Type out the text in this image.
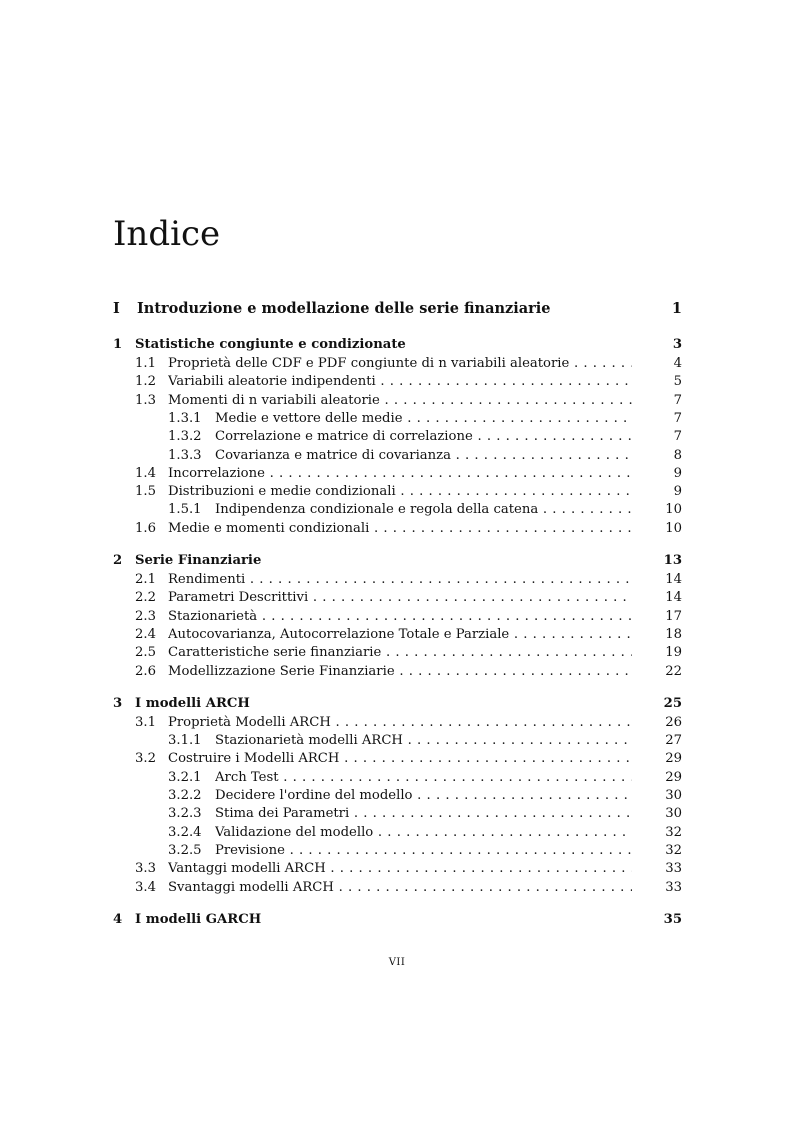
Indice
I Introduzione e modellazione delle serie finanziarie	1
1 Statistiche congiunte e condizionate	3
1.1 Proprietà delle CDF e PDF congiunte di n variabili aleatorie . . .	4
1.2 Variabili aleatorie indipendenti . . .	5
1.3 Momenti di n variabili aleatorie . . .	7
1.3.1 Medie e vettore delle medie . . .	7
1.3.2 Correlazione e matrice di correlazione . . .	7
1.3.3 Covarianza e matrice di covarianza . . .	8
1.4 Incorrelazione . . .	9
1.5 Distribuzioni e medie condizionali . . .	9
1.5.1 Indipendenza condizionale e regola della catena . . .	10
1.6 Medie e momenti condizionali . . .	10
2 Serie Finanziarie	13
2.1 Rendimenti . . .	14
2.2 Parametri Descrittivi . . .	14
2.3 Stazionarietà . . .	17
2.4 Autocovarianza, Autocorrelazione Totale e Parziale . . .	18
2.5 Caratteristiche serie finanziarie . . .	19
2.6 Modellizzazione Serie Finanziarie . . .	22
3 I modelli ARCH	25
3.1 Proprietà Modelli ARCH . . .	26
3.1.1 Stazionarietà modelli ARCH . . .	27
3.2 Costruire i Modelli ARCH . . .	29
3.2.1 Arch Test . . .	29
3.2.2 Decidere l'ordine del modello . . .	30
3.2.3 Stima dei Parametri . . .	30
3.2.4 Validazione del modello . . .	32
3.2.5 Previsione . . .	32
3.3 Vantaggi modelli ARCH . . .	33
3.4 Svantaggi modelli ARCH . . .	33
4 I modelli GARCH	35
VII
